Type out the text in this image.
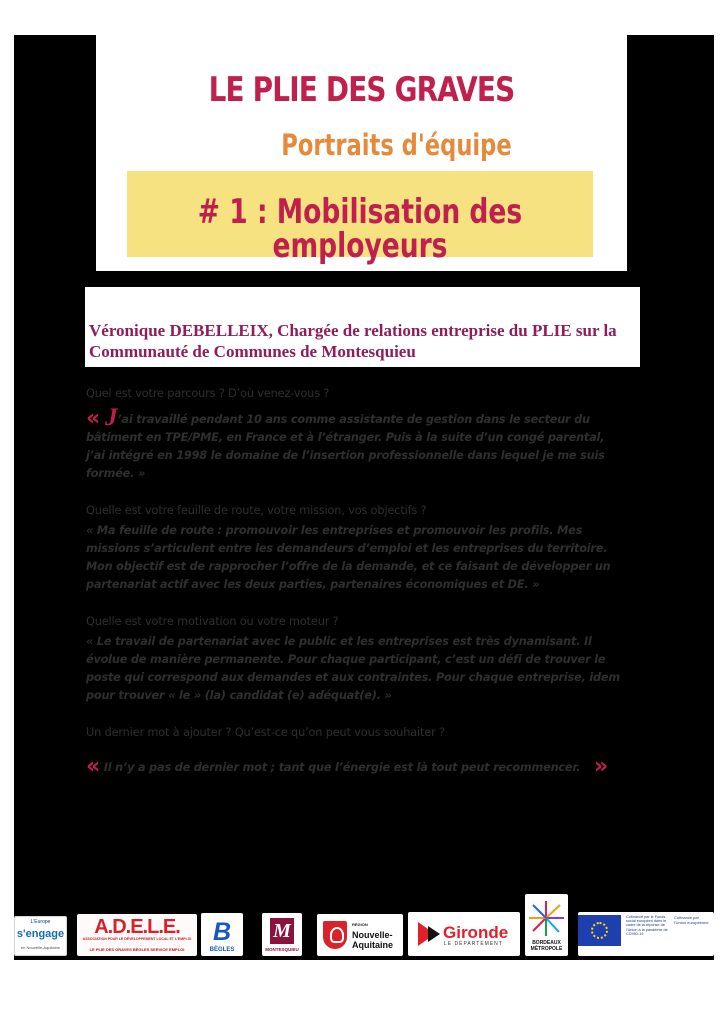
LE PLIE DES GRAVES
Portraits d'équipe
# 1 : Mobilisation des employeurs
Véronique DEBELLEIX, Chargée de relations entreprise du PLIE sur la Communauté de Communes de Montesquieu

Quel est votre parcours ? D’où venez-vous ?

« J’ai travaillé pendant 10 ans comme assistante de gestion dans le secteur du bâtiment en TPE/PME, en France et à l’étranger. Puis à la suite d’un congé parental, j’ai intégré en 1998 le domaine de l’insertion professionnelle dans lequel je me suis formée. »

Quelle est votre feuille de route, votre mission, vos objectifs ?

« Ma feuille de route : promouvoir les entreprises et promouvoir les profils. Mes missions s’articulent entre les demandeurs d’emploi et les entreprises du territoire. Mon objectif est de rapprocher l’offre de la demande, et ce faisant de développer un partenariat actif avec les deux parties, partenaires économiques et DE. »

Quelle est votre motivation ou votre moteur ?

« Le travail de partenariat avec le public et les entreprises est très dynamisant. Il évolue de manière permanente. Pour chaque participant, c’est un défi de trouver le poste qui correspond aux demandes et aux contraintes. Pour chaque entreprise, idem pour trouver « le » (la) candidat (e) adéquat(e). »

Un dernier mot à ajouter ? Qu’est-ce qu’on peut vous souhaiter ?

« Il n’y a pas de dernier mot ; tant que l’énergie est là tout peut recommencer. »

L'Europe
s'engage
en Nouvelle-Aquitaine
A.D.E.L.E.
ASSOCIATION POUR LE DÉVELOPPEMENT LOCAL ET L'EMPLOI
LE PLIE DES GRAVES BÈGLES SERVICE EMPLOI
B
BÈGLES
M
MONTESQUIEU
RÉGION
Nouvelle-Aquitaine
Gironde
LE DÉPARTEMENT	BORDEAUX MÉTROPOLE
Cofinancé par le Fonds social européen dans le cadre de la réponse de l'Union à la pandémie de COVID-19
Cofinancé par l'Union européenne
